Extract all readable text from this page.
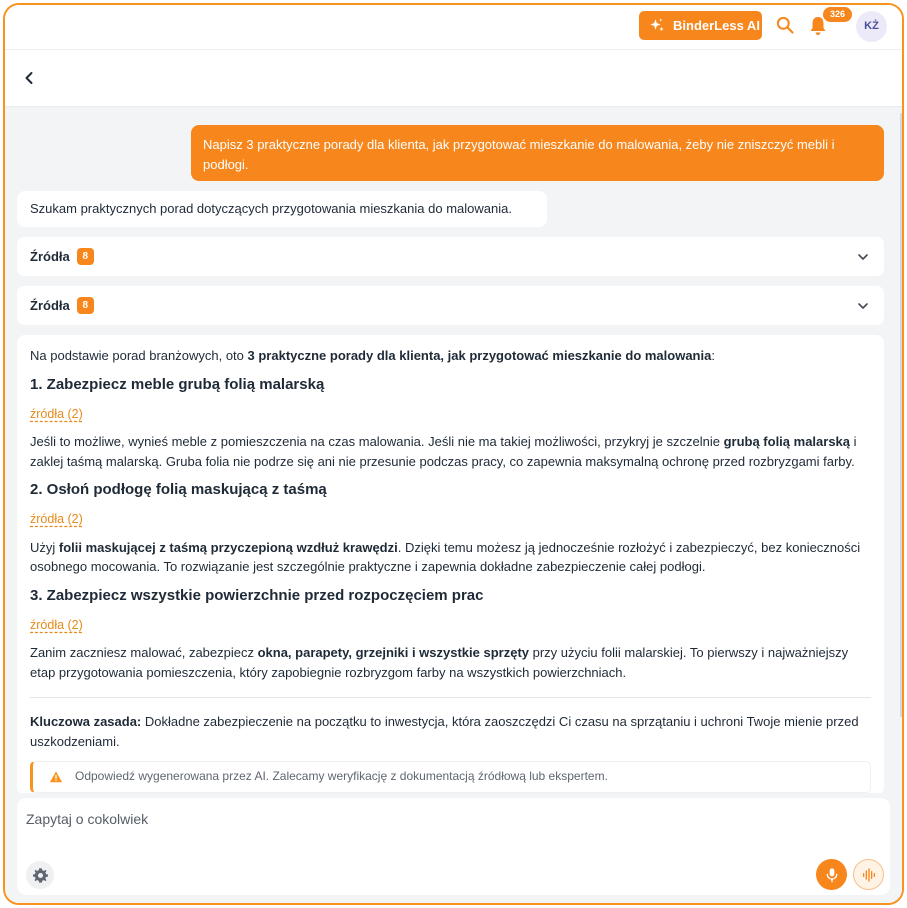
BinderLess AI
326
KŻ
Napisz 3 praktyczne porady dla klienta, jak przygotować mieszkanie do malowania, żeby nie zniszczyć mebli i podłogi.
Szukam praktycznych porad dotyczących przygotowania mieszkania do malowania.
Źródła	8
Źródła	8

Na podstawie porad branżowych, oto 3 praktyczne porady dla klienta, jak przygotować mieszkanie do malowania:

1. Zabezpiecz meble grubą folią malarską
źródła (2)

Jeśli to możliwe, wynieś meble z pomieszczenia na czas malowania. Jeśli nie ma takiej możliwości, przykryj je szczelnie grubą folią malarską i zaklej taśmą malarską. Gruba folia nie podrze się ani nie przesunie podczas pracy, co zapewnia maksymalną ochronę przed rozbryzgami farby.

2. Osłoń podłogę folią maskującą z taśmą
źródła (2)

Użyj folii maskującej z taśmą przyczepioną wzdłuż krawędzi. Dzięki temu możesz ją jednocześnie rozłożyć i zabezpieczyć, bez konieczności osobnego mocowania. To rozwiązanie jest szczególnie praktyczne i zapewnia dokładne zabezpieczenie całej podłogi.

3. Zabezpiecz wszystkie powierzchnie przed rozpoczęciem prac
źródła (2)

Zanim zaczniesz malować, zabezpiecz okna, parapety, grzejniki i wszystkie sprzęty przy użyciu folii malarskiej. To pierwszy i najważniejszy etap przygotowania pomieszczenia, który zapobiegnie rozbryzgom farby na wszystkich powierzchniach.

Kluczowa zasada: Dokładne zabezpieczenie na początku to inwestycja, która zaoszczędzi Ci czasu na sprzątaniu i uchroni Twoje mienie przed uszkodzeniami.

Odpowiedź wygenerowana przez AI. Zalecamy weryfikację z dokumentacją źródłową lub ekspertem.
Zapytaj o cokolwiek
